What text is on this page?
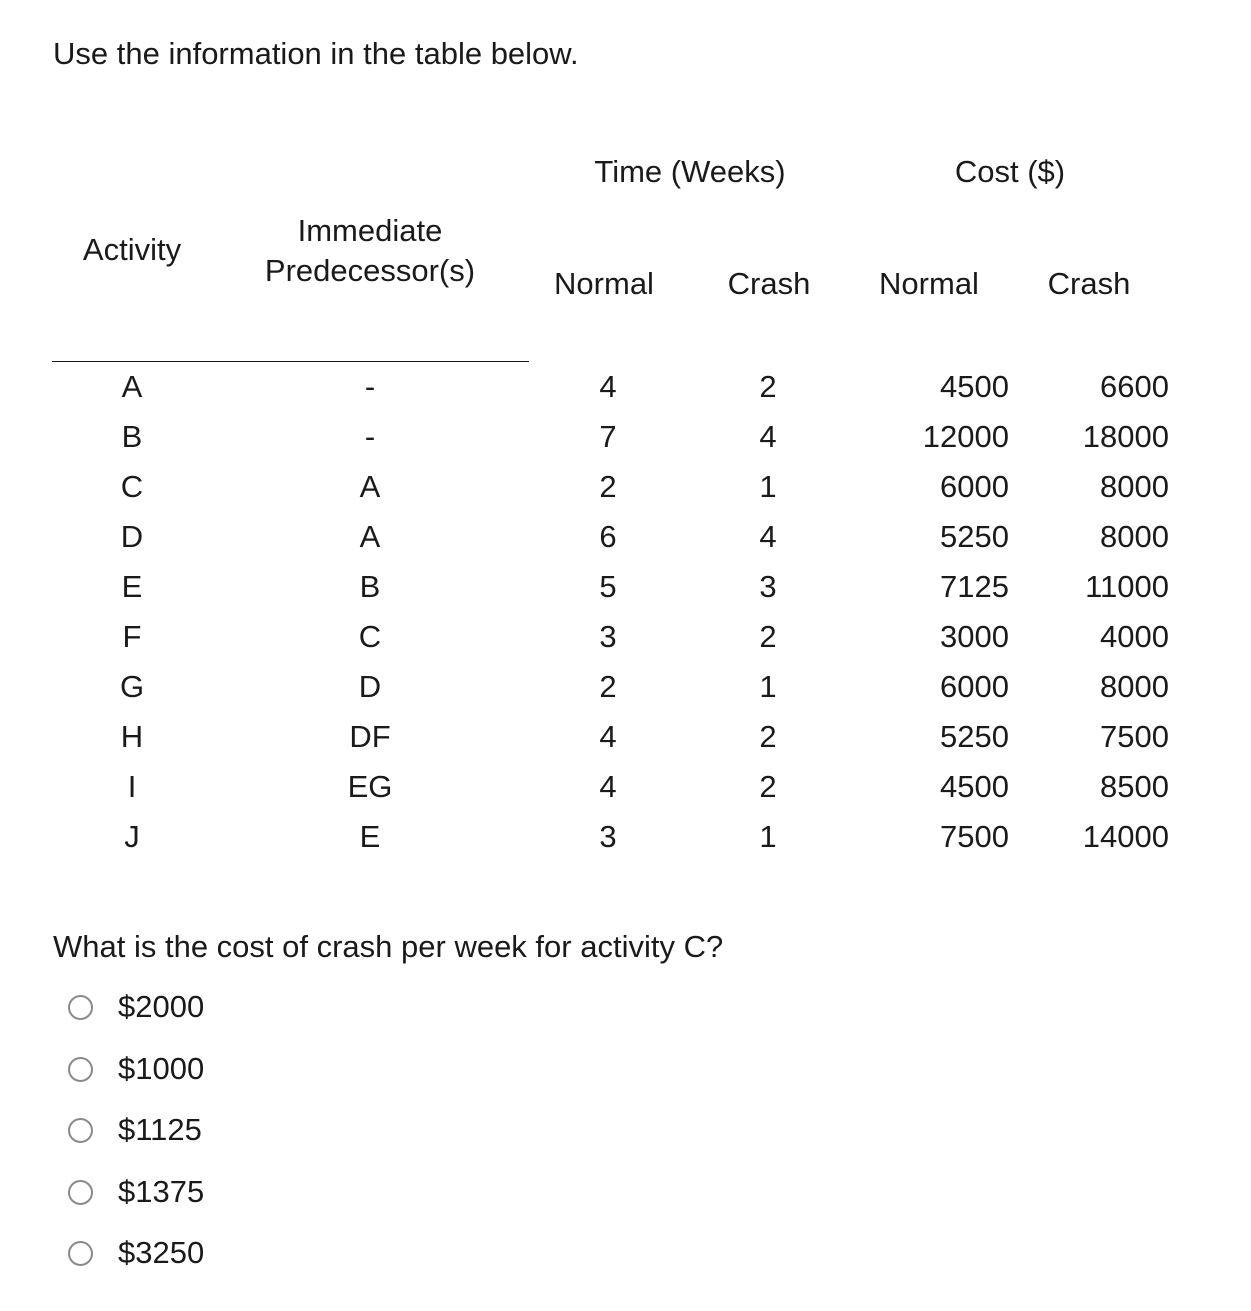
Use the information in the table below.
Activity
Immediate
Predecessor(s)
Time (Weeks)	Cost ($)
Normal	Crash	Normal	Crash
A	-	4	2	4500	6600
B	-	7	4	12000	18000
C	A	2	1	6000	8000
D	A	6	4	5250	8000
E	B	5	3	7125	11000
F	C	3	2	3000	4000
G	D	2	1	6000	8000
H	DF	4	2	5250	7500
I	EG	4	2	4500	8500
J	E	3	1	7500	14000
What is the cost of crash per week for activity C?
$2000
$1000
$1125
$1375
$3250
